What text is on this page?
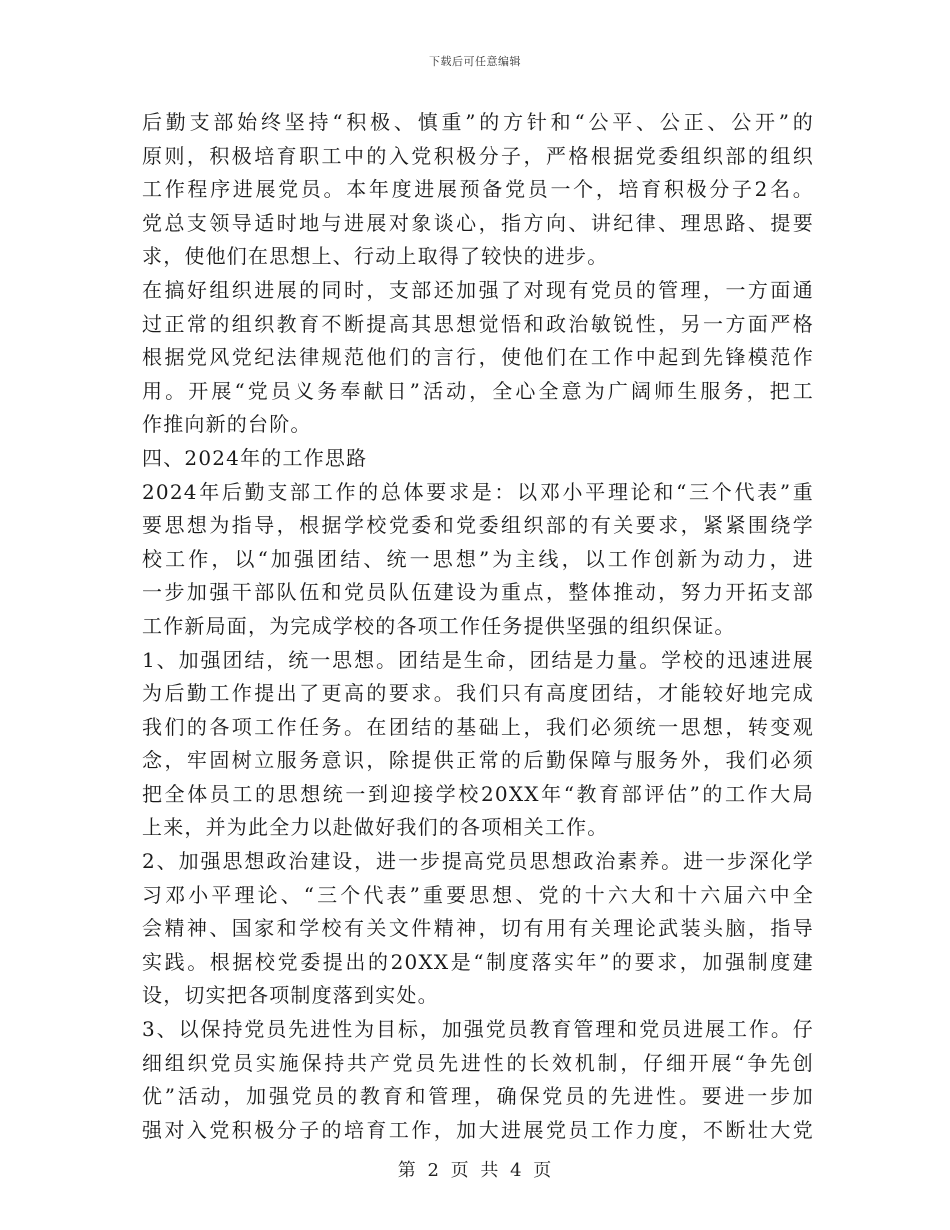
下载后可任意编辑
后勤支部始终坚持“积极、慎重”的方针和“公平、公正、公开”的
原则，积极培育职工中的入党积极分子，严格根据党委组织部的组织
工作程序进展党员。本年度进展预备党员一个，培育积极分子2名。
党总支领导适时地与进展对象谈心，指方向、讲纪律、理思路、提要
求，使他们在思想上、行动上取得了较快的进步。
在搞好组织进展的同时，支部还加强了对现有党员的管理，一方面通
过正常的组织教育不断提高其思想觉悟和政治敏锐性，另一方面严格
根据党风党纪法律规范他们的言行，使他们在工作中起到先锋模范作
用。开展“党员义务奉献日”活动，全心全意为广阔师生服务，把工
作推向新的台阶。
四、2024年的工作思路
2024年后勤支部工作的总体要求是：以邓小平理论和“三个代表”重
要思想为指导，根据学校党委和党委组织部的有关要求，紧紧围绕学
校工作，以“加强团结、统一思想”为主线，以工作创新为动力，进
一步加强干部队伍和党员队伍建设为重点，整体推动，努力开拓支部
工作新局面，为完成学校的各项工作任务提供坚强的组织保证。
1、加强团结，统一思想。团结是生命，团结是力量。学校的迅速进展
为后勤工作提出了更高的要求。我们只有高度团结，才能较好地完成
我们的各项工作任务。在团结的基础上，我们必须统一思想，转变观
念，牢固树立服务意识，除提供正常的后勤保障与服务外，我们必须
把全体员工的思想统一到迎接学校20XX年“教育部评估”的工作大局
上来，并为此全力以赴做好我们的各项相关工作。
2、加强思想政治建设，进一步提高党员思想政治素养。进一步深化学
习邓小平理论、“三个代表”重要思想、党的十六大和十六届六中全
会精神、国家和学校有关文件精神，切有用有关理论武装头脑，指导
实践。根据校党委提出的20XX是“制度落实年”的要求，加强制度建
设，切实把各项制度落到实处。
3、以保持党员先进性为目标，加强党员教育管理和党员进展工作。仔
细组织党员实施保持共产党员先进性的长效机制，仔细开展“争先创
优”活动，加强党员的教育和管理，确保党员的先进性。要进一步加
强对入党积极分子的培育工作，加大进展党员工作力度，不断壮大党
第 2 页 共 4 页
